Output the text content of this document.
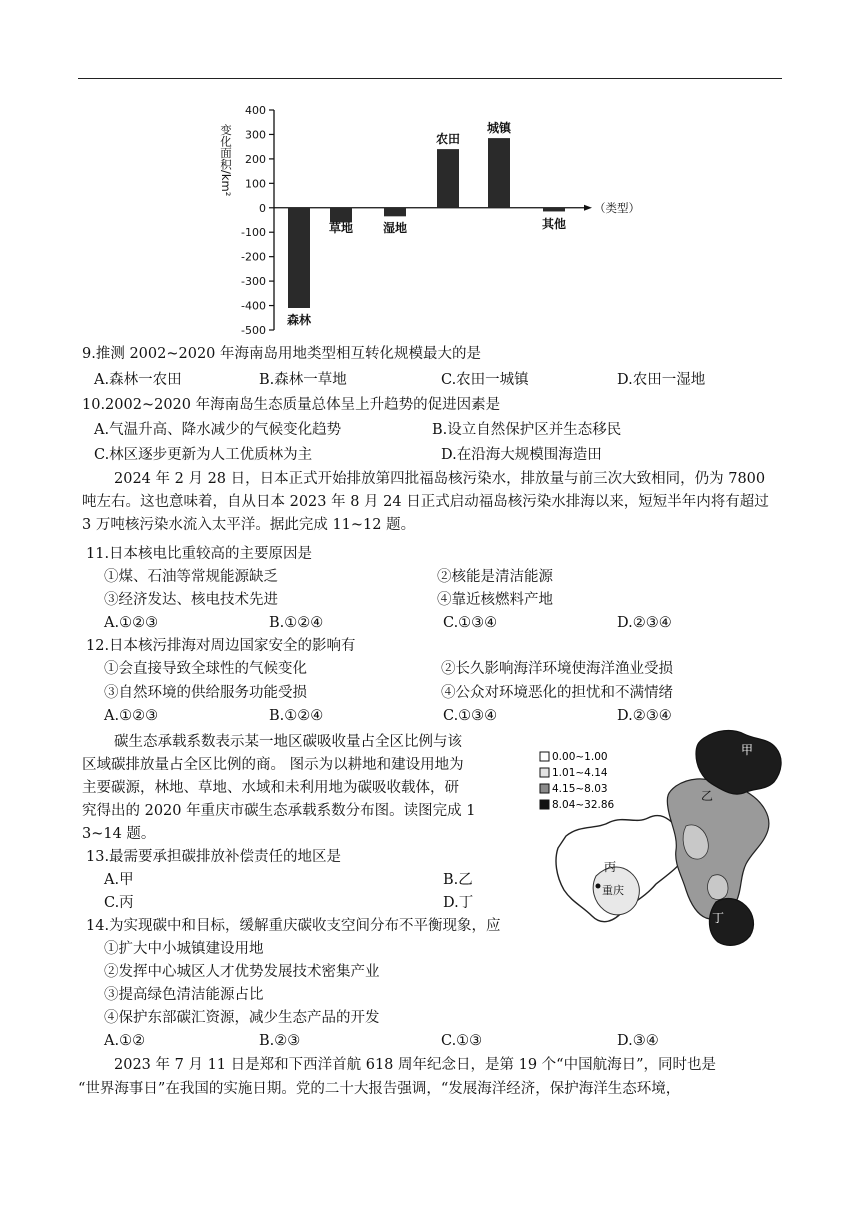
400
300
200
100
0
-100
-200
-300
-400
-500
（类型）
变化面积/km²
森林
草地 湿地
农田
城镇
其他
9.推测 2002~2020 年海南岛用地类型相互转化规模最大的是
A.森林一农田	B.森林一草地	C.农田一城镇	D.农田一湿地
10.2002~2020 年海南岛生态质量总体呈上升趋势的促进因素是
A.气温升高、降水减少的气候变化趋势	B.设立自然保护区并生态移民
C.林区逐步更新为人工优质林为主	D.在沿海大规模围海造田
2024 年 2 月 28 日，日本正式开始排放第四批福岛核污染水，排放量与前三次大致相同，仍为 7800 吨左右。这也意味着，自从日本 2023 年 8 月 24 日正式启动福岛核污染水排海以来，短短半年内将有超过 3 万吨核污染水流入太平洋。据此完成 11~12 题。
11.日本核电比重较高的主要原因是
①煤、石油等常规能源缺乏	②核能是清洁能源
③经济发达、核电技术先进	④靠近核燃料产地
A.①②③	B.①②④	C.①③④	D.②③④
12.日本核污排海对周边国家安全的影响有
①会直接导致全球性的气候变化	②长久影响海洋环境使海洋渔业受损
③自然环境的供给服务功能受损	④公众对环境恶化的担忧和不满情绪
A.①②③	B.①②④	C.①③④	D.②③④
碳生态承载系数表示某一地区碳吸收量占全区比例与该
区域碳排放量占全区比例的商。 图示为以耕地和建设用地为
主要碳源，林地、草地、水域和未利用地为碳吸收载体，研
究得出的 2020 年重庆市碳生态承载系数分布图。读图完成 1
3~14 题。
13.最需要承担碳排放补偿责任的地区是
A.甲	B.乙
C.丙	D.丁
14.为实现碳中和目标，缓解重庆碳收支空间分布不平衡现象，应
①扩大中小城镇建设用地
②发挥中心城区人才优势发展技术密集产业
③提高绿色清洁能源占比
④保护东部碳汇资源，减少生态产品的开发
A.①②	B.②③	C.①③	D.③④
2023 年 7 月 11 日是郑和下西洋首航 618 周年纪念日，是第 19 个“中国航海日”，同时也是
“世界海事日”在我国的实施日期。党的二十大报告强调，“发展海洋经济，保护海洋生态环境，
甲
乙
丙
丁
重庆
0.00~1.00
1.01~4.14
4.15~8.03
8.04~32.86
